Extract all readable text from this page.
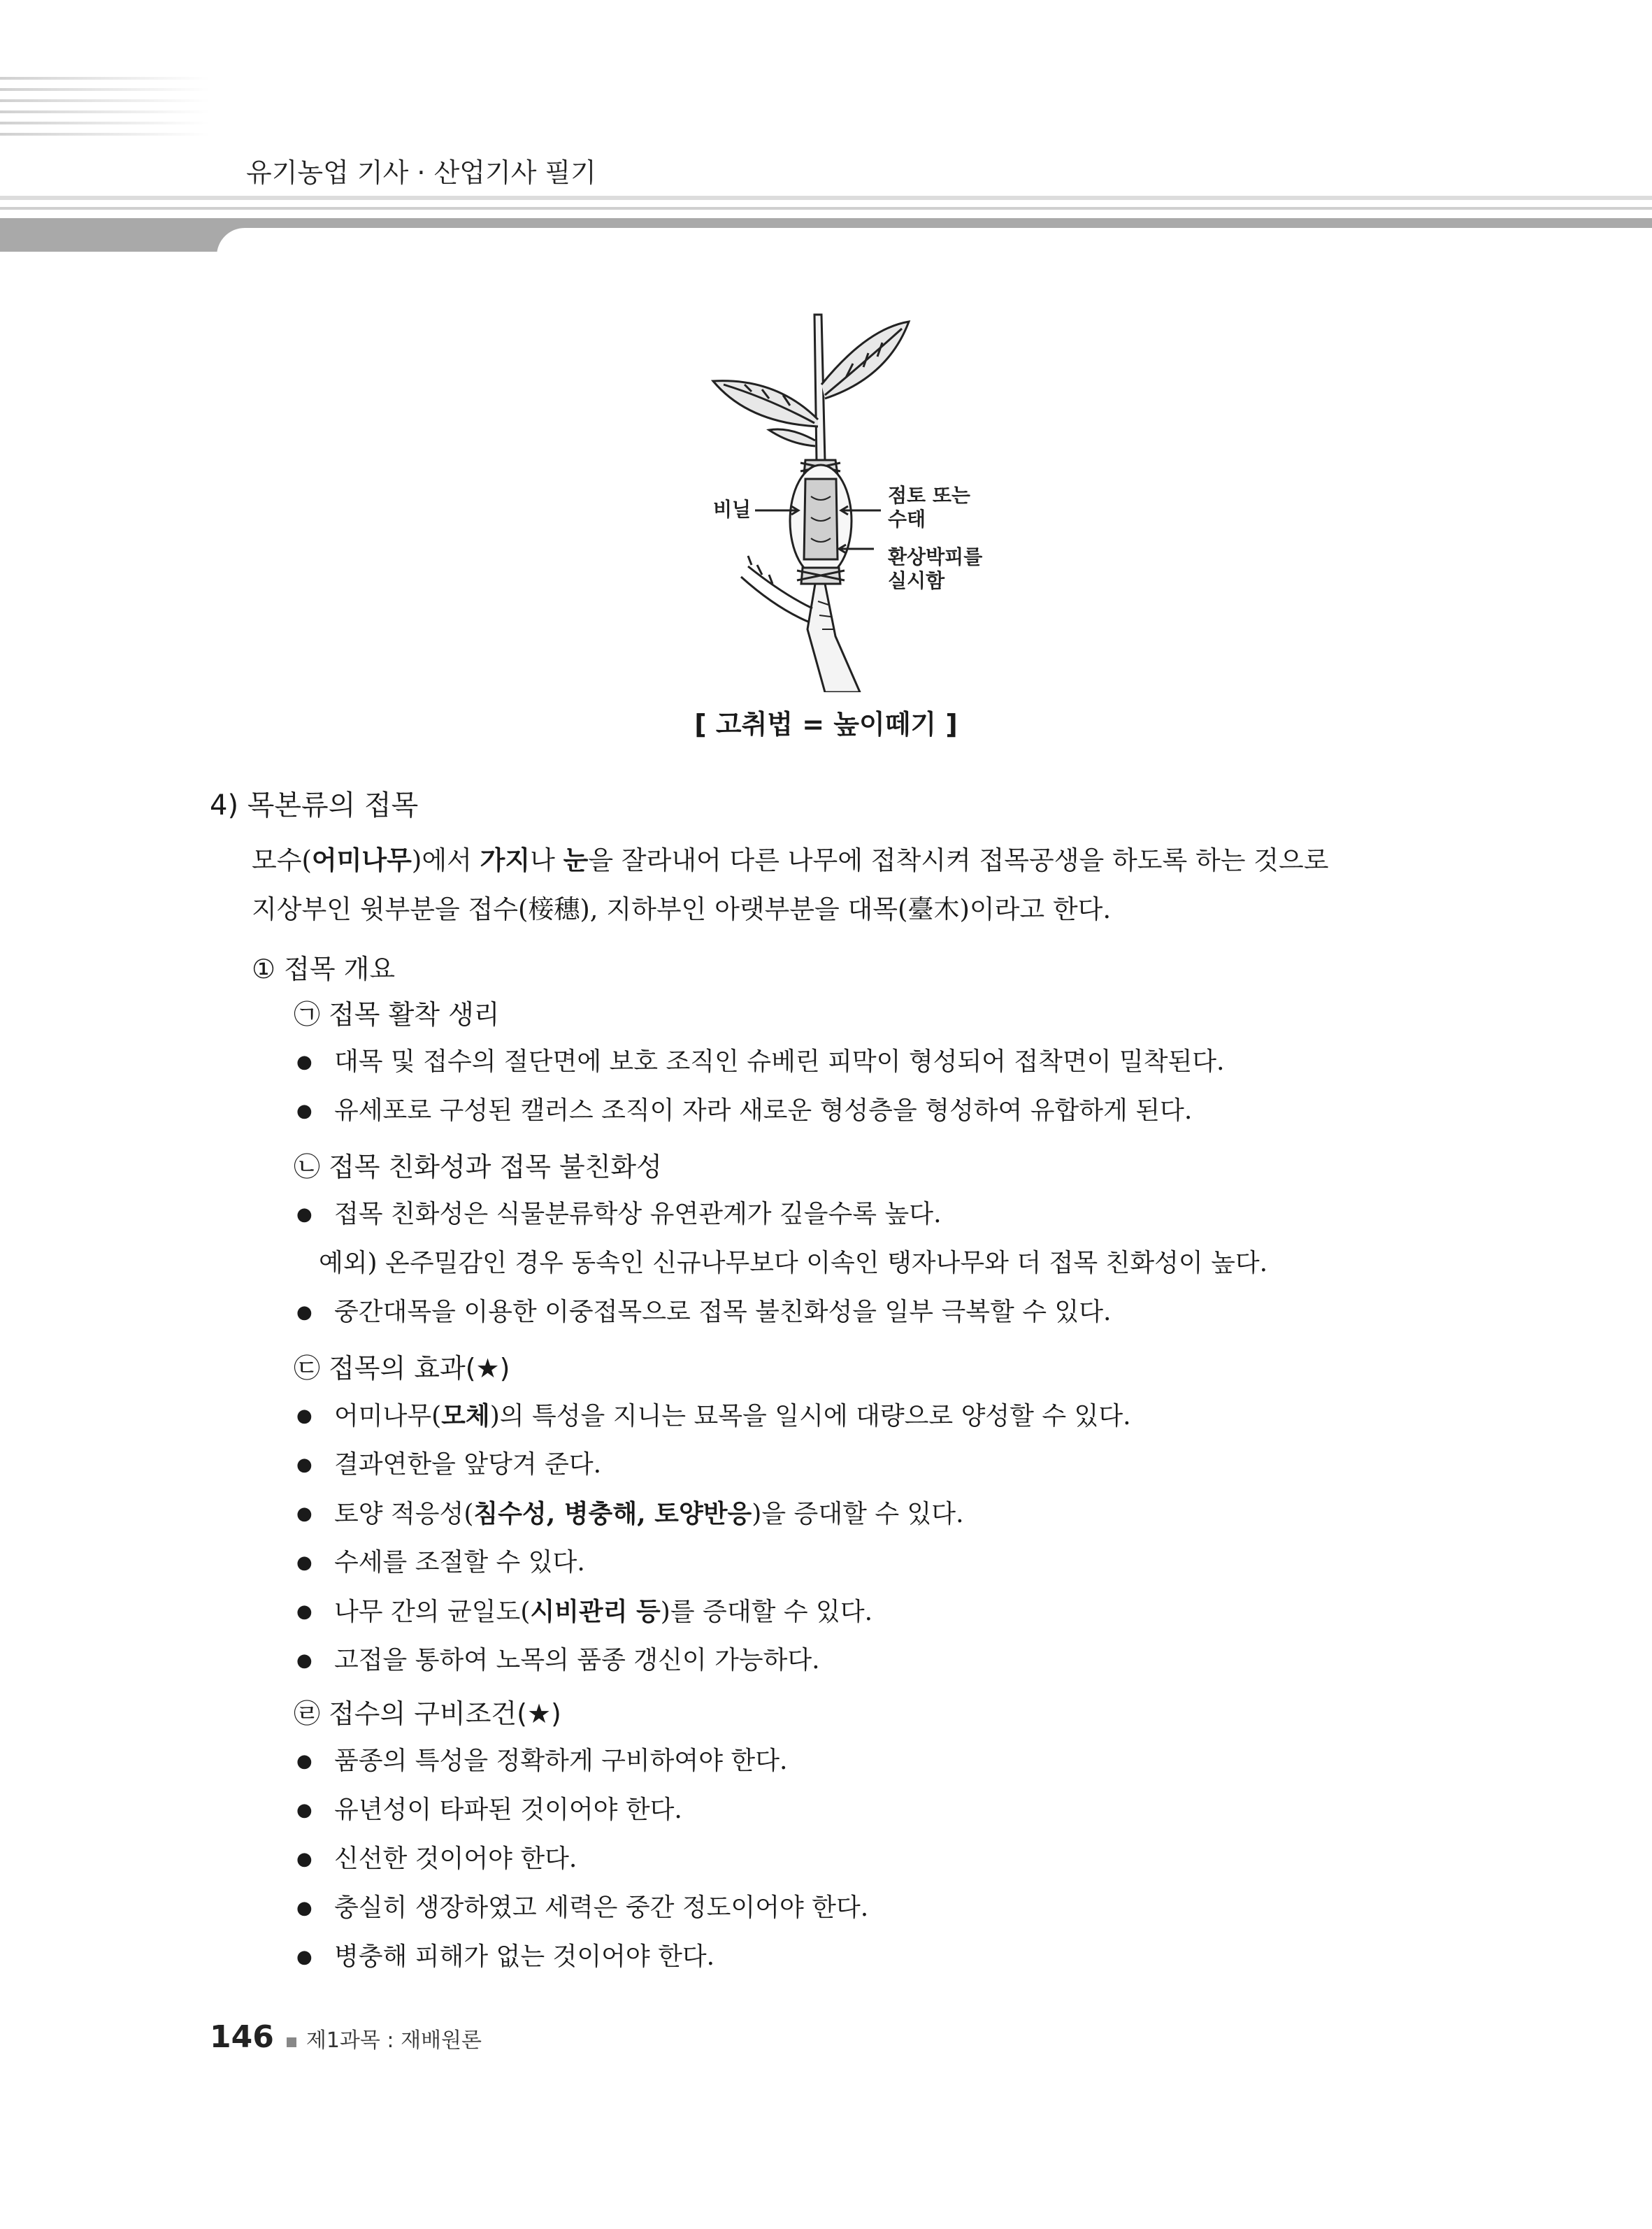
유기농업 기사 · 산업기사 필기
비닐
점토 또는
수태
환상박피를
실시함
[ 고취법 = 높이떼기 ]
4) 목본류의 접목

모수(어미나무)에서 가지나 눈을 잘라내어 다른 나무에 접착시켜 접목공생을 하도록 하는 것으로

지상부인 윗부분을 접수(椄穗), 지하부인 아랫부분을 대목(臺木)이라고 한다.

① 접목 개요
㉠ 접목 활착 생리
● 대목 및 접수의 절단면에 보호 조직인 슈베린 피막이 형성되어 접착면이 밀착된다.
● 유세포로 구성된 캘러스 조직이 자라 새로운 형성층을 형성하여 유합하게 된다.
㉡ 접목 친화성과 접목 불친화성
● 접목 친화성은 식물분류학상 유연관계가 깊을수록 높다.
예외) 온주밀감인 경우 동속인 신규나무보다 이속인 탱자나무와 더 접목 친화성이 높다.
● 중간대목을 이용한 이중접목으로 접목 불친화성을 일부 극복할 수 있다.
㉢ 접목의 효과(★)
● 어미나무(모체)의 특성을 지니는 묘목을 일시에 대량으로 양성할 수 있다.
● 결과연한을 앞당겨 준다.
● 토양 적응성(침수성, 병충해, 토양반응)을 증대할 수 있다.
● 수세를 조절할 수 있다.
● 나무 간의 균일도(시비관리 등)를 증대할 수 있다.
● 고접을 통하여 노목의 품종 갱신이 가능하다.
㉣ 접수의 구비조건(★)
● 품종의 특성을 정확하게 구비하여야 한다.
● 유년성이 타파된 것이어야 한다.
● 신선한 것이어야 한다.
● 충실히 생장하였고 세력은 중간 정도이어야 한다.
● 병충해 피해가 없는 것이어야 한다.
146 제1과목 : 재배원론
